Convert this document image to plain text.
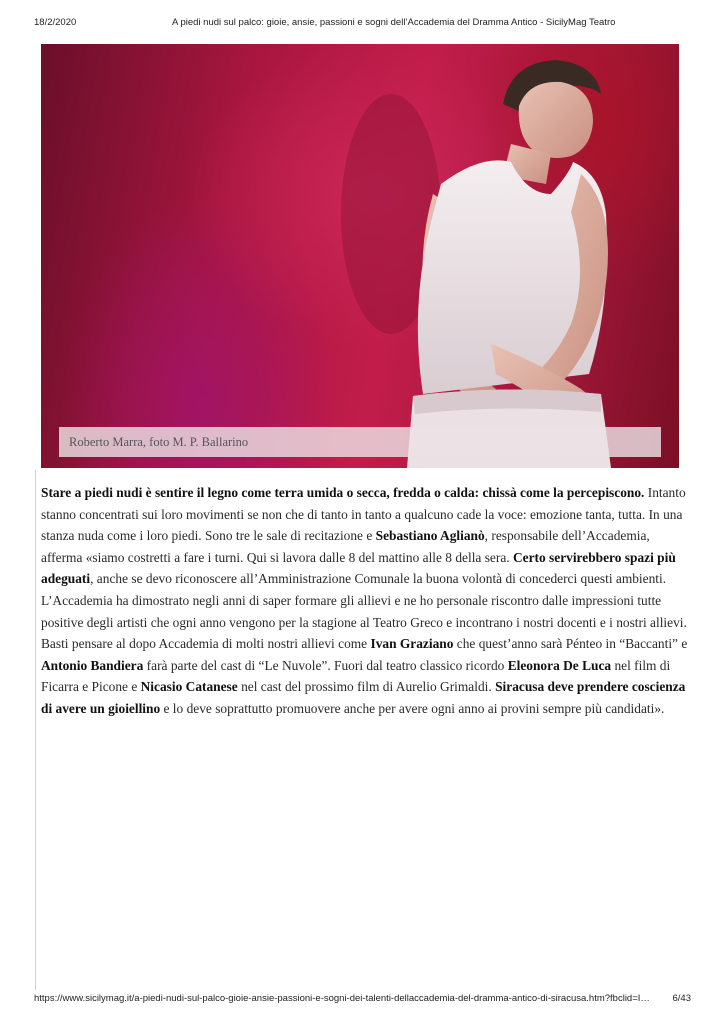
18/2/2020	A piedi nudi sul palco: gioie, ansie, passioni e sogni dell’Accademia del Dramma Antico - SicilyMag Teatro
Roberto Marra, foto M. P. Ballarino

Stare a piedi nudi è sentire il legno come terra umida o secca, fredda o calda: chissà come la percepiscono. Intanto stanno concentrati sui loro movimenti se non che di tanto in tanto a qualcuno cade la voce: emozione tanta, tutta. In una stanza nuda come i loro piedi. Sono tre le sale di recitazione e Sebastiano Aglianò, responsabile dell’Accademia, afferma «siamo costretti a fare i turni. Qui si lavora dalle 8 del mattino alle 8 della sera. Certo servirebbero spazi più adeguati, anche se devo riconoscere all’Amministrazione Comunale la buona volontà di concederci questi ambienti. L’Accademia ha dimostrato negli anni di saper formare gli allievi e ne ho personale riscontro dalle impressioni tutte positive degli artisti che ogni anno vengono per la stagione al Teatro Greco e incontrano i nostri docenti e i nostri allievi. Basti pensare al dopo Accademia di molti nostri allievi come Ivan Graziano che quest’anno sarà Pénteo in “Baccanti” e Antonio Bandiera farà parte del cast di “Le Nuvole”. Fuori dal teatro classico ricordo Eleonora De Luca nel film di Ficarra e Picone e Nicasio Catanese nel cast del prossimo film di Aurelio Grimaldi. Siracusa deve prendere coscienza di avere un gioiellino e lo deve soprattutto promuovere anche per avere ogni anno ai provini sempre più candidati».

https://www.sicilymag.it/a-piedi-nudi-sul-palco-gioie-ansie-passioni-e-sogni-dei-talenti-dellaccademia-del-dramma-antico-di-siracusa.htm?fbclid=I… 6/43
